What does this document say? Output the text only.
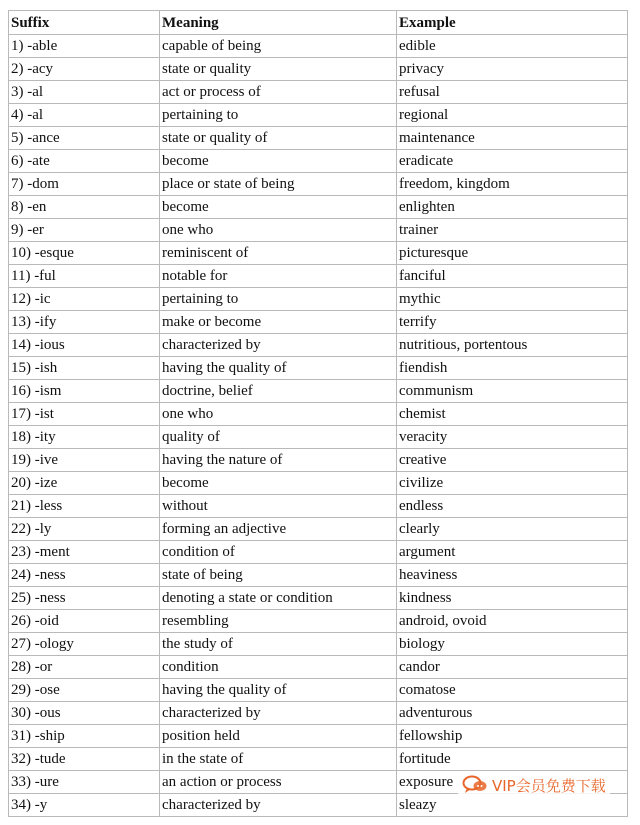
Suffix	Meaning	Example
1) -able	capable of being	edible
2) -acy	state or quality	privacy
3) -al	act or process of	refusal
4) -al	pertaining to	regional
5) -ance	state or quality of	maintenance
6) -ate	become	eradicate
7) -dom	place or state of being	freedom, kingdom
8) -en	become	enlighten
9) -er	one who	trainer
10) -esque	reminiscent of	picturesque
11) -ful	notable for	fanciful
12) -ic	pertaining to	mythic
13) -ify	make or become	terrify
14) -ious	characterized by	nutritious, portentous
15) -ish	having the quality of	fiendish
16) -ism	doctrine, belief	communism
17) -ist	one who	chemist
18) -ity	quality of	veracity
19) -ive	having the nature of	creative
20) -ize	become	civilize
21) -less	without	endless
22) -ly	forming an adjective	clearly
23) -ment	condition of	argument
24) -ness	state of being	heaviness
25) -ness	denoting a state or condition	kindness
26) -oid	resembling	android, ovoid
27) -ology	the study of	biology
28) -or	condition	candor
29) -ose	having the quality of	comatose
30) -ous	characterized by	adventurous
31) -ship	position held	fellowship
32) -tude	in the state of	fortitude
33) -ure	an action or process	exposure
34) -y	characterized by	sleazy
VIP会员免费下载
